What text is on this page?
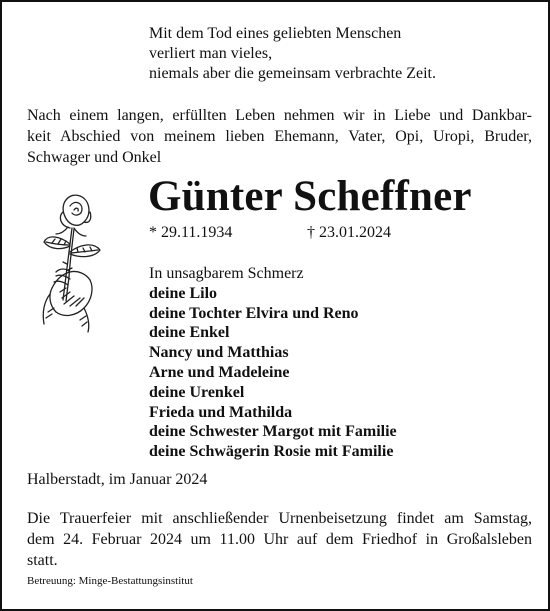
Mit dem Tod eines geliebten Menschen
verliert man vieles,
niemals aber die gemeinsam verbrachte Zeit.
Nach einem langen, erfüllten Leben nehmen wir in Liebe und Dankbar-
keit Abschied von meinem lieben Ehemann, Vater, Opi, Uropi, Bruder,
Schwager und Onkel
Günter Scheffner
* 29.11.1934	† 23.01.2024
In unsagbarem Schmerz
deine Lilo
deine Tochter Elvira und Reno
deine Enkel
Nancy und Matthias
Arne und Madeleine
deine Urenkel
Frieda und Mathilda
deine Schwester Margot mit Familie
deine Schwägerin Rosie mit Familie
Halberstadt, im Januar 2024
Die Trauerfeier mit anschließender Urnenbeisetzung findet am Samstag,
dem 24. Februar 2024 um 11.00 Uhr auf dem Friedhof in Großalsleben
statt.
Betreuung: Minge-Bestattungsinstitut
